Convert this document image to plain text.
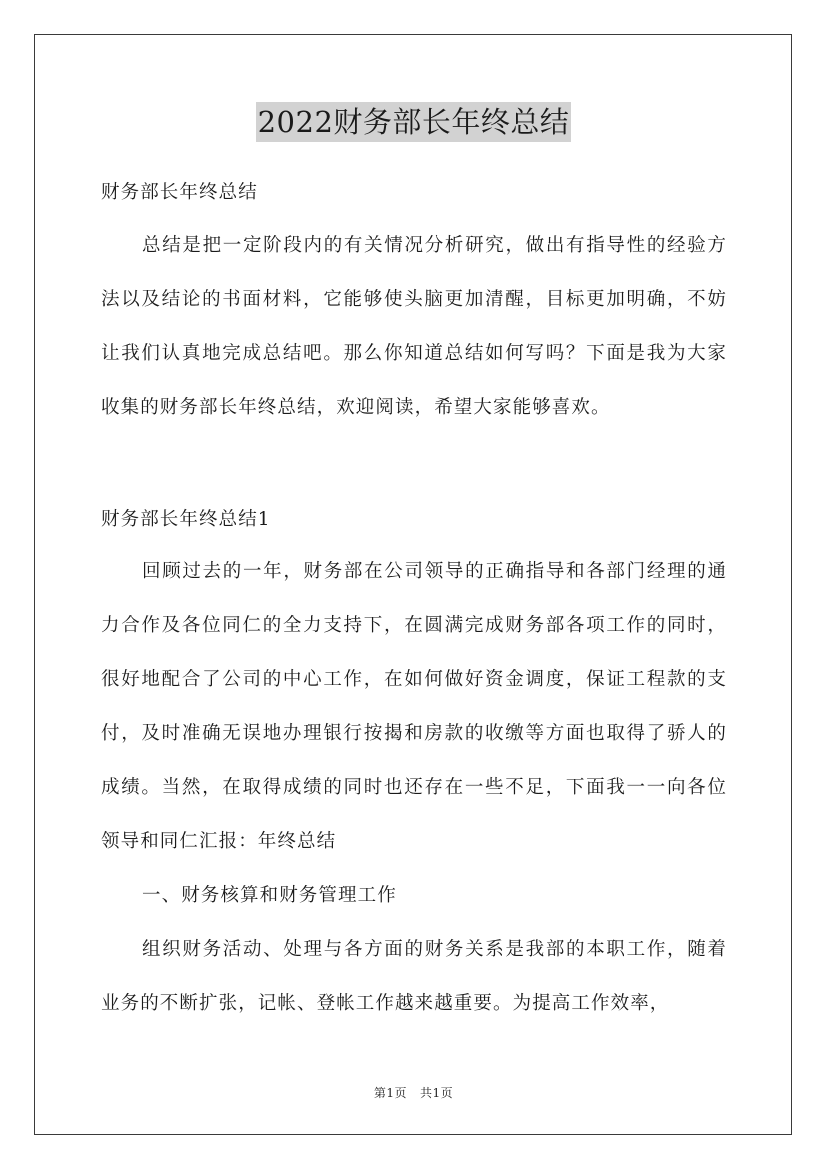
2022财务部长年终总结

财务部长年终总结

总结是把一定阶段内的有关情况分析研究，做出有指导性的经验方法以及结论的书面材料，它能够使头脑更加清醒，目标更加明确，不妨让我们认真地完成总结吧。那么你知道总结如何写吗？下面是我为大家收集的财务部长年终总结，欢迎阅读，希望大家能够喜欢。

财务部长年终总结1

回顾过去的一年，财务部在公司领导的正确指导和各部门经理的通力合作及各位同仁的全力支持下，在圆满完成财务部各项工作的同时，很好地配合了公司的中心工作，在如何做好资金调度，保证工程款的支付，及时准确无误地办理银行按揭和房款的收缴等方面也取得了骄人的成绩。当然，在取得成绩的同时也还存在一些不足，下面我一一向各位领导和同仁汇报：年终总结

一、财务核算和财务管理工作

组织财务活动、处理与各方面的财务关系是我部的本职工作，随着业务的不断扩张，记帐、登帐工作越来越重要。为提高工作效率，

第1页 共1页
